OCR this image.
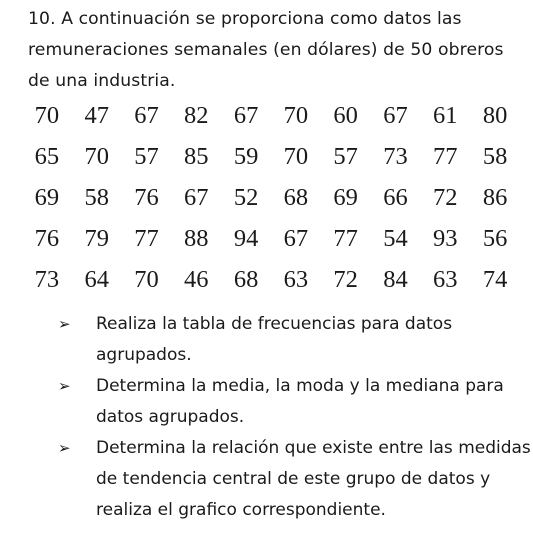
10. A continuación se proporciona como datos las remuneraciones semanales (en dólares) de 50 obreros de una industria.
70	47	67	82	67	70	60	67	61	80
65	70	57	85	59	70	57	73	77	58
69	58	76	67	52	68	69	66	72	86
76	79	77	88	94	67	77	54	93	56
73	64	70	46	68	63	72	84	63	74
➢	Realiza la tabla de frecuencias para datos agrupados.
➢	Determina la media, la moda y la mediana para datos agrupados.
➢	Determina la relación que existe entre las medidas de tendencia central de este grupo de datos y realiza el grafico correspondiente.
